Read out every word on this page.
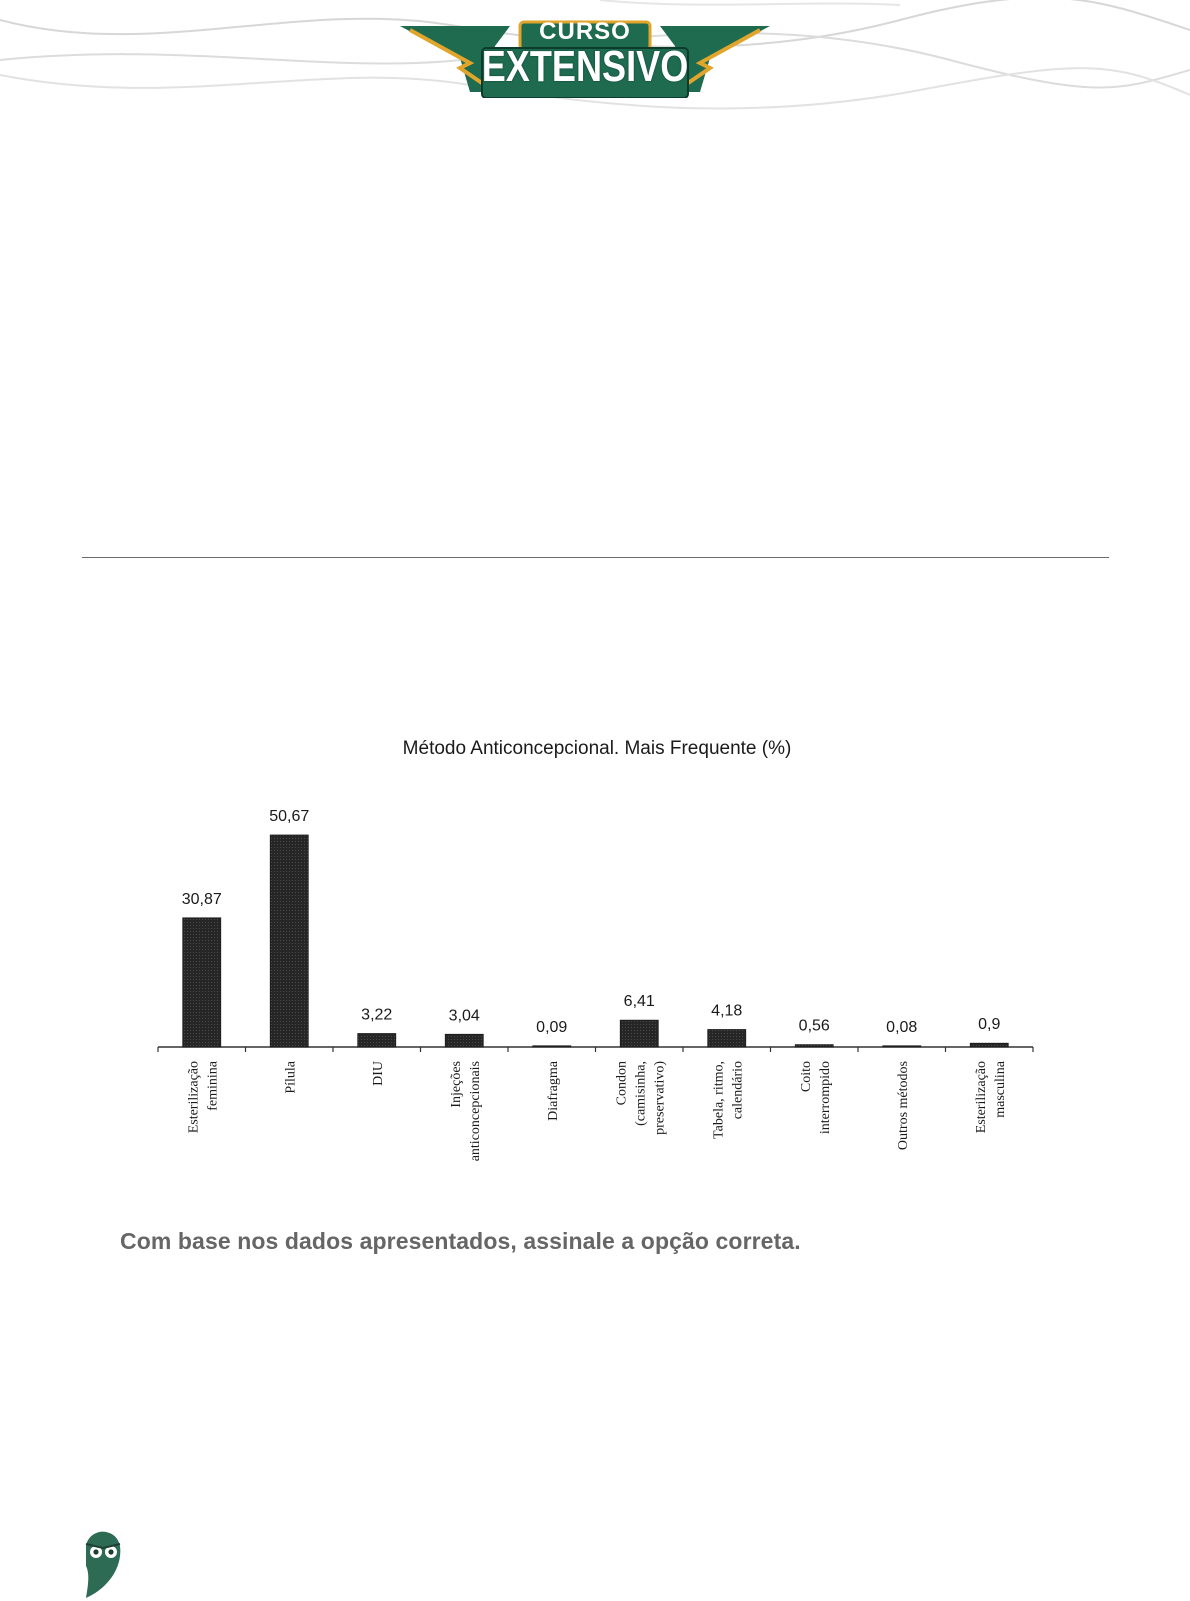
CURSO
EXTENSIVO
Método Anticoncepcional. Mais Frequente (%)
30,87
Esterilização feminina
50,67
Pílula
3,22
DIU
3,04
Injeções anticoncepcionais
0,09
Diafragma
6,41
Condon (camisinha, preservativo)
4,18
Tabela, ritmo, calendário
0,56
Coito interrompido
0,08
Outros métodos
0,9
Esterilização masculina
Com base nos dados apresentados, assinale a opção correta.
